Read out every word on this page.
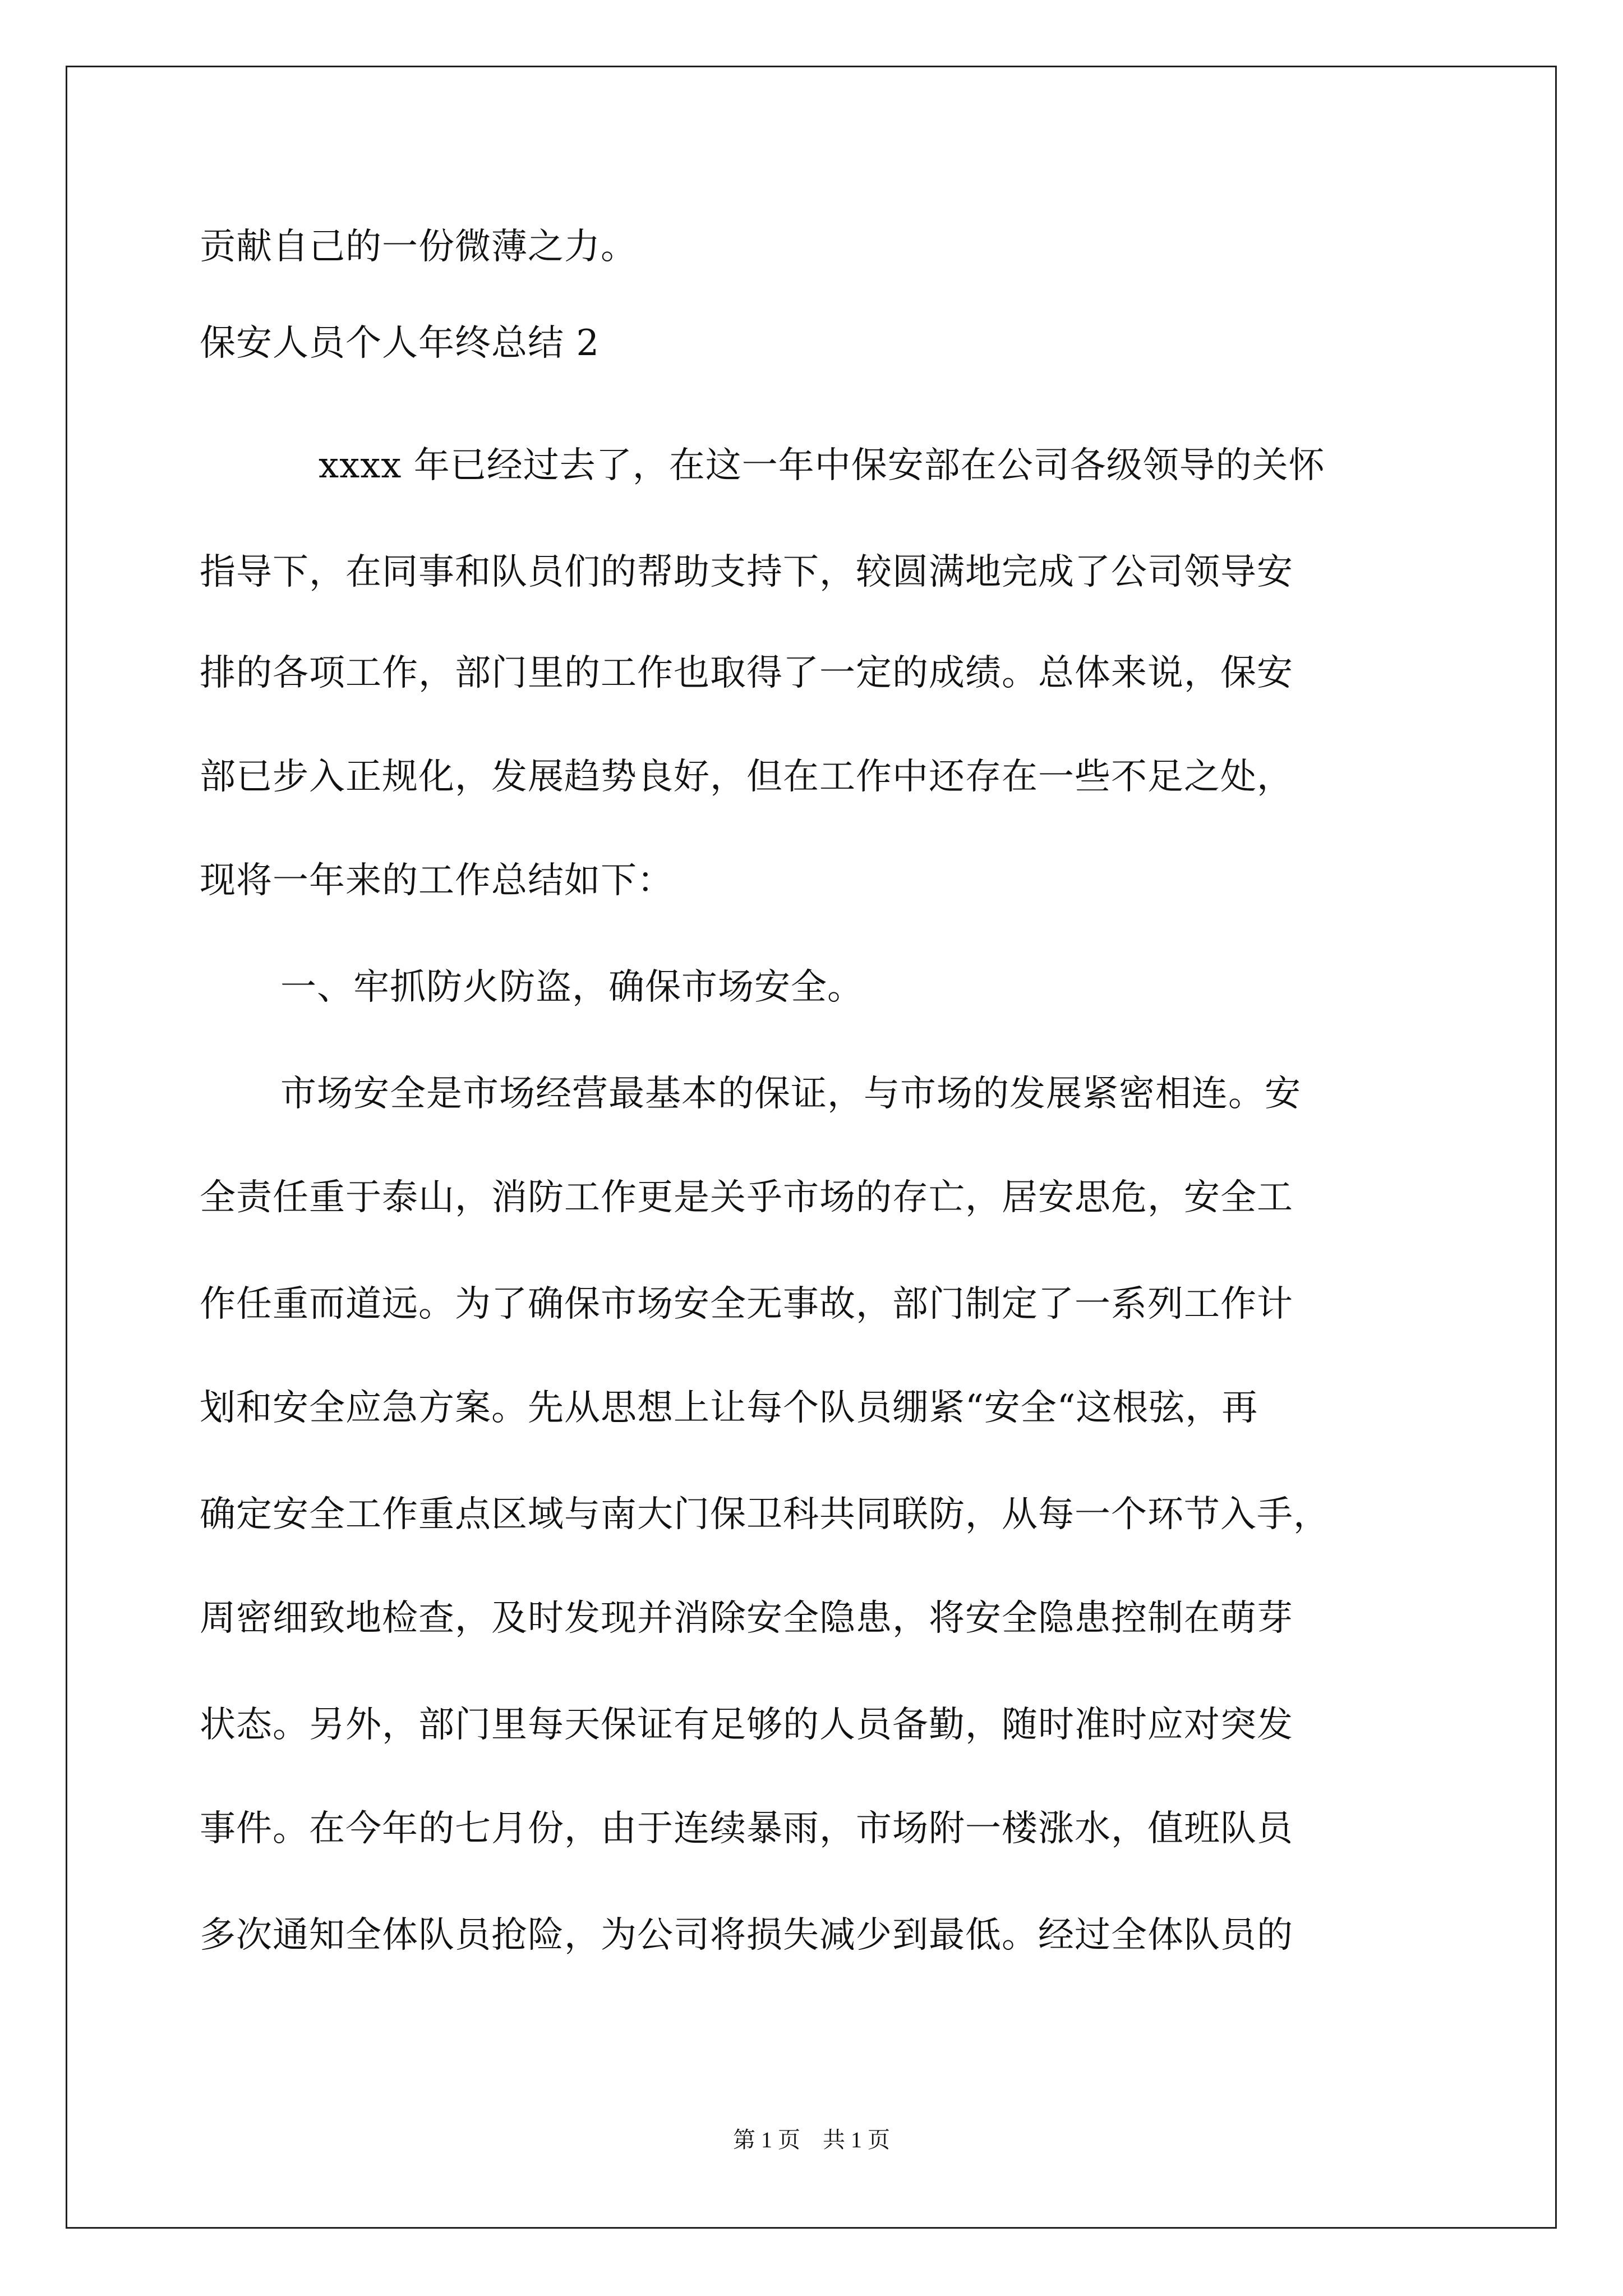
贡献自己的一份微薄之力。
保安人员个人年终总结 2
xxxx 年已经过去了，在这一年中保安部在公司各级领导的关怀
指导下，在同事和队员们的帮助支持下，较圆满地完成了公司领导安
排的各项工作，部门里的工作也取得了一定的成绩。总体来说，保安
部已步入正规化，发展趋势良好，但在工作中还存在一些不足之处，
现将一年来的工作总结如下：
一、牢抓防火防盗，确保市场安全。
市场安全是市场经营最基本的保证，与市场的发展紧密相连。安
全责任重于泰山，消防工作更是关乎市场的存亡，居安思危，安全工
作任重而道远。为了确保市场安全无事故，部门制定了一系列工作计
划和安全应急方案。先从思想上让每个队员绷紧“安全“这根弦，再
确定安全工作重点区域与南大门保卫科共同联防，从每一个环节入手，
周密细致地检查，及时发现并消除安全隐患，将安全隐患控制在萌芽
状态。另外，部门里每天保证有足够的人员备勤，随时准时应对突发
事件。在今年的七月份，由于连续暴雨，市场附一楼涨水，值班队员
多次通知全体队员抢险，为公司将损失减少到最低。经过全体队员的
第 1 页　共 1 页
